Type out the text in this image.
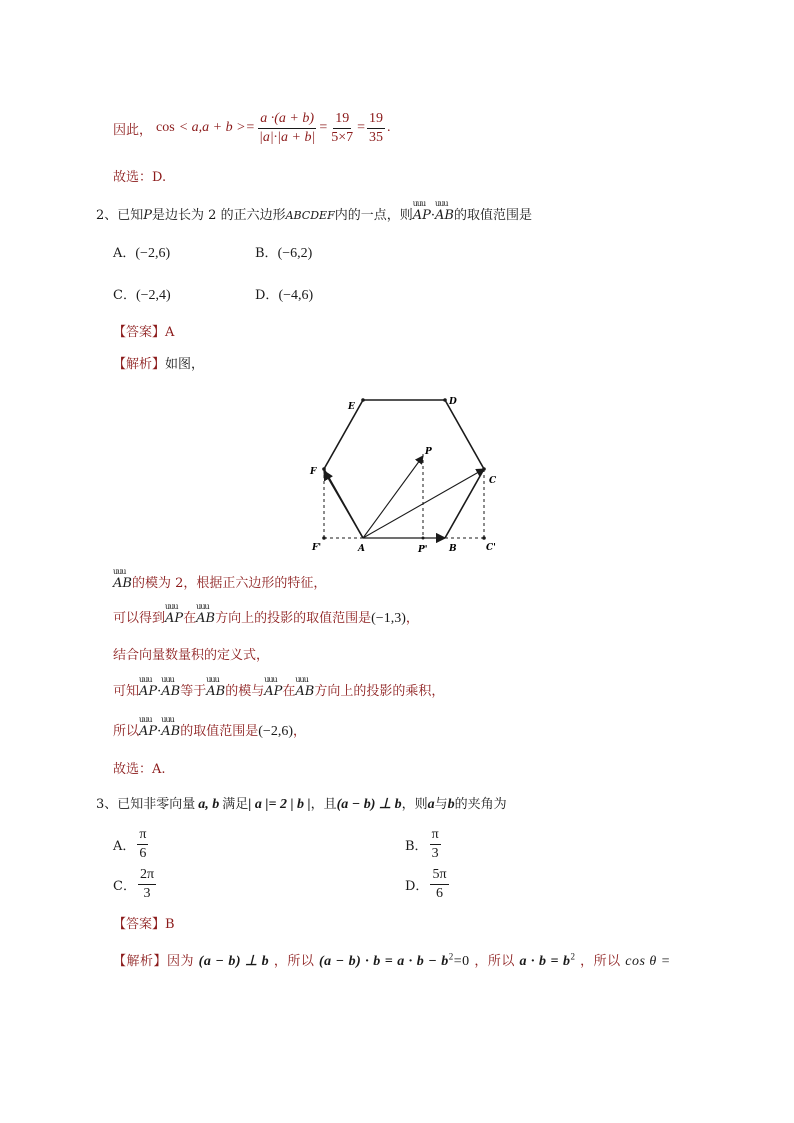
因此， $\cos < a,a + b >= \frac{a \cdot(a + b)}{|a|\cdot|a + b|} = \frac{19}{5\times 7} = \frac{19}{35}$ .
故选：D.
2、已知P是边长为 2 的正六边形ABCDEF内的一点，则uuu AP·uuu AB的取值范围是
A．(−2,6)	B．(−6,2)
C．(−2,4)	D．(−4,6)
【答案】A
【解析】如图，
E	D
C
F
P
F'	A	P' B	C'
uuu AB的模为 2，根据正六边形的特征，
可以得到uuu AP在uuu AB方向上的投影的取值范围是(−1,3)，
结合向量数量积的定义式，
可知uuu AP·uuu AB等于uuu AB的模与uuu AP在uuu AB方向上的投影的乘积，
所以uuu AP·uuu AB的取值范围是(−2,6)，
故选：A.
3、已知非零向量 a, b 满足| a |= 2 | b |，且(a − b) ⊥ b，则a与b的夹角为
A． $\frac{\pi}{6}$	B． $\frac{\pi}{3}$
C． $\frac{2\pi}{3}$	D． $\frac{5\pi}{6}$
【答案】B
【解析】因为 (a − b) ⊥ b ，所以 $(a - b) \cdot b = a \cdot b - b^2=0$ ，所以 $a \cdot b = b^2$ ，所以 cos θ =
